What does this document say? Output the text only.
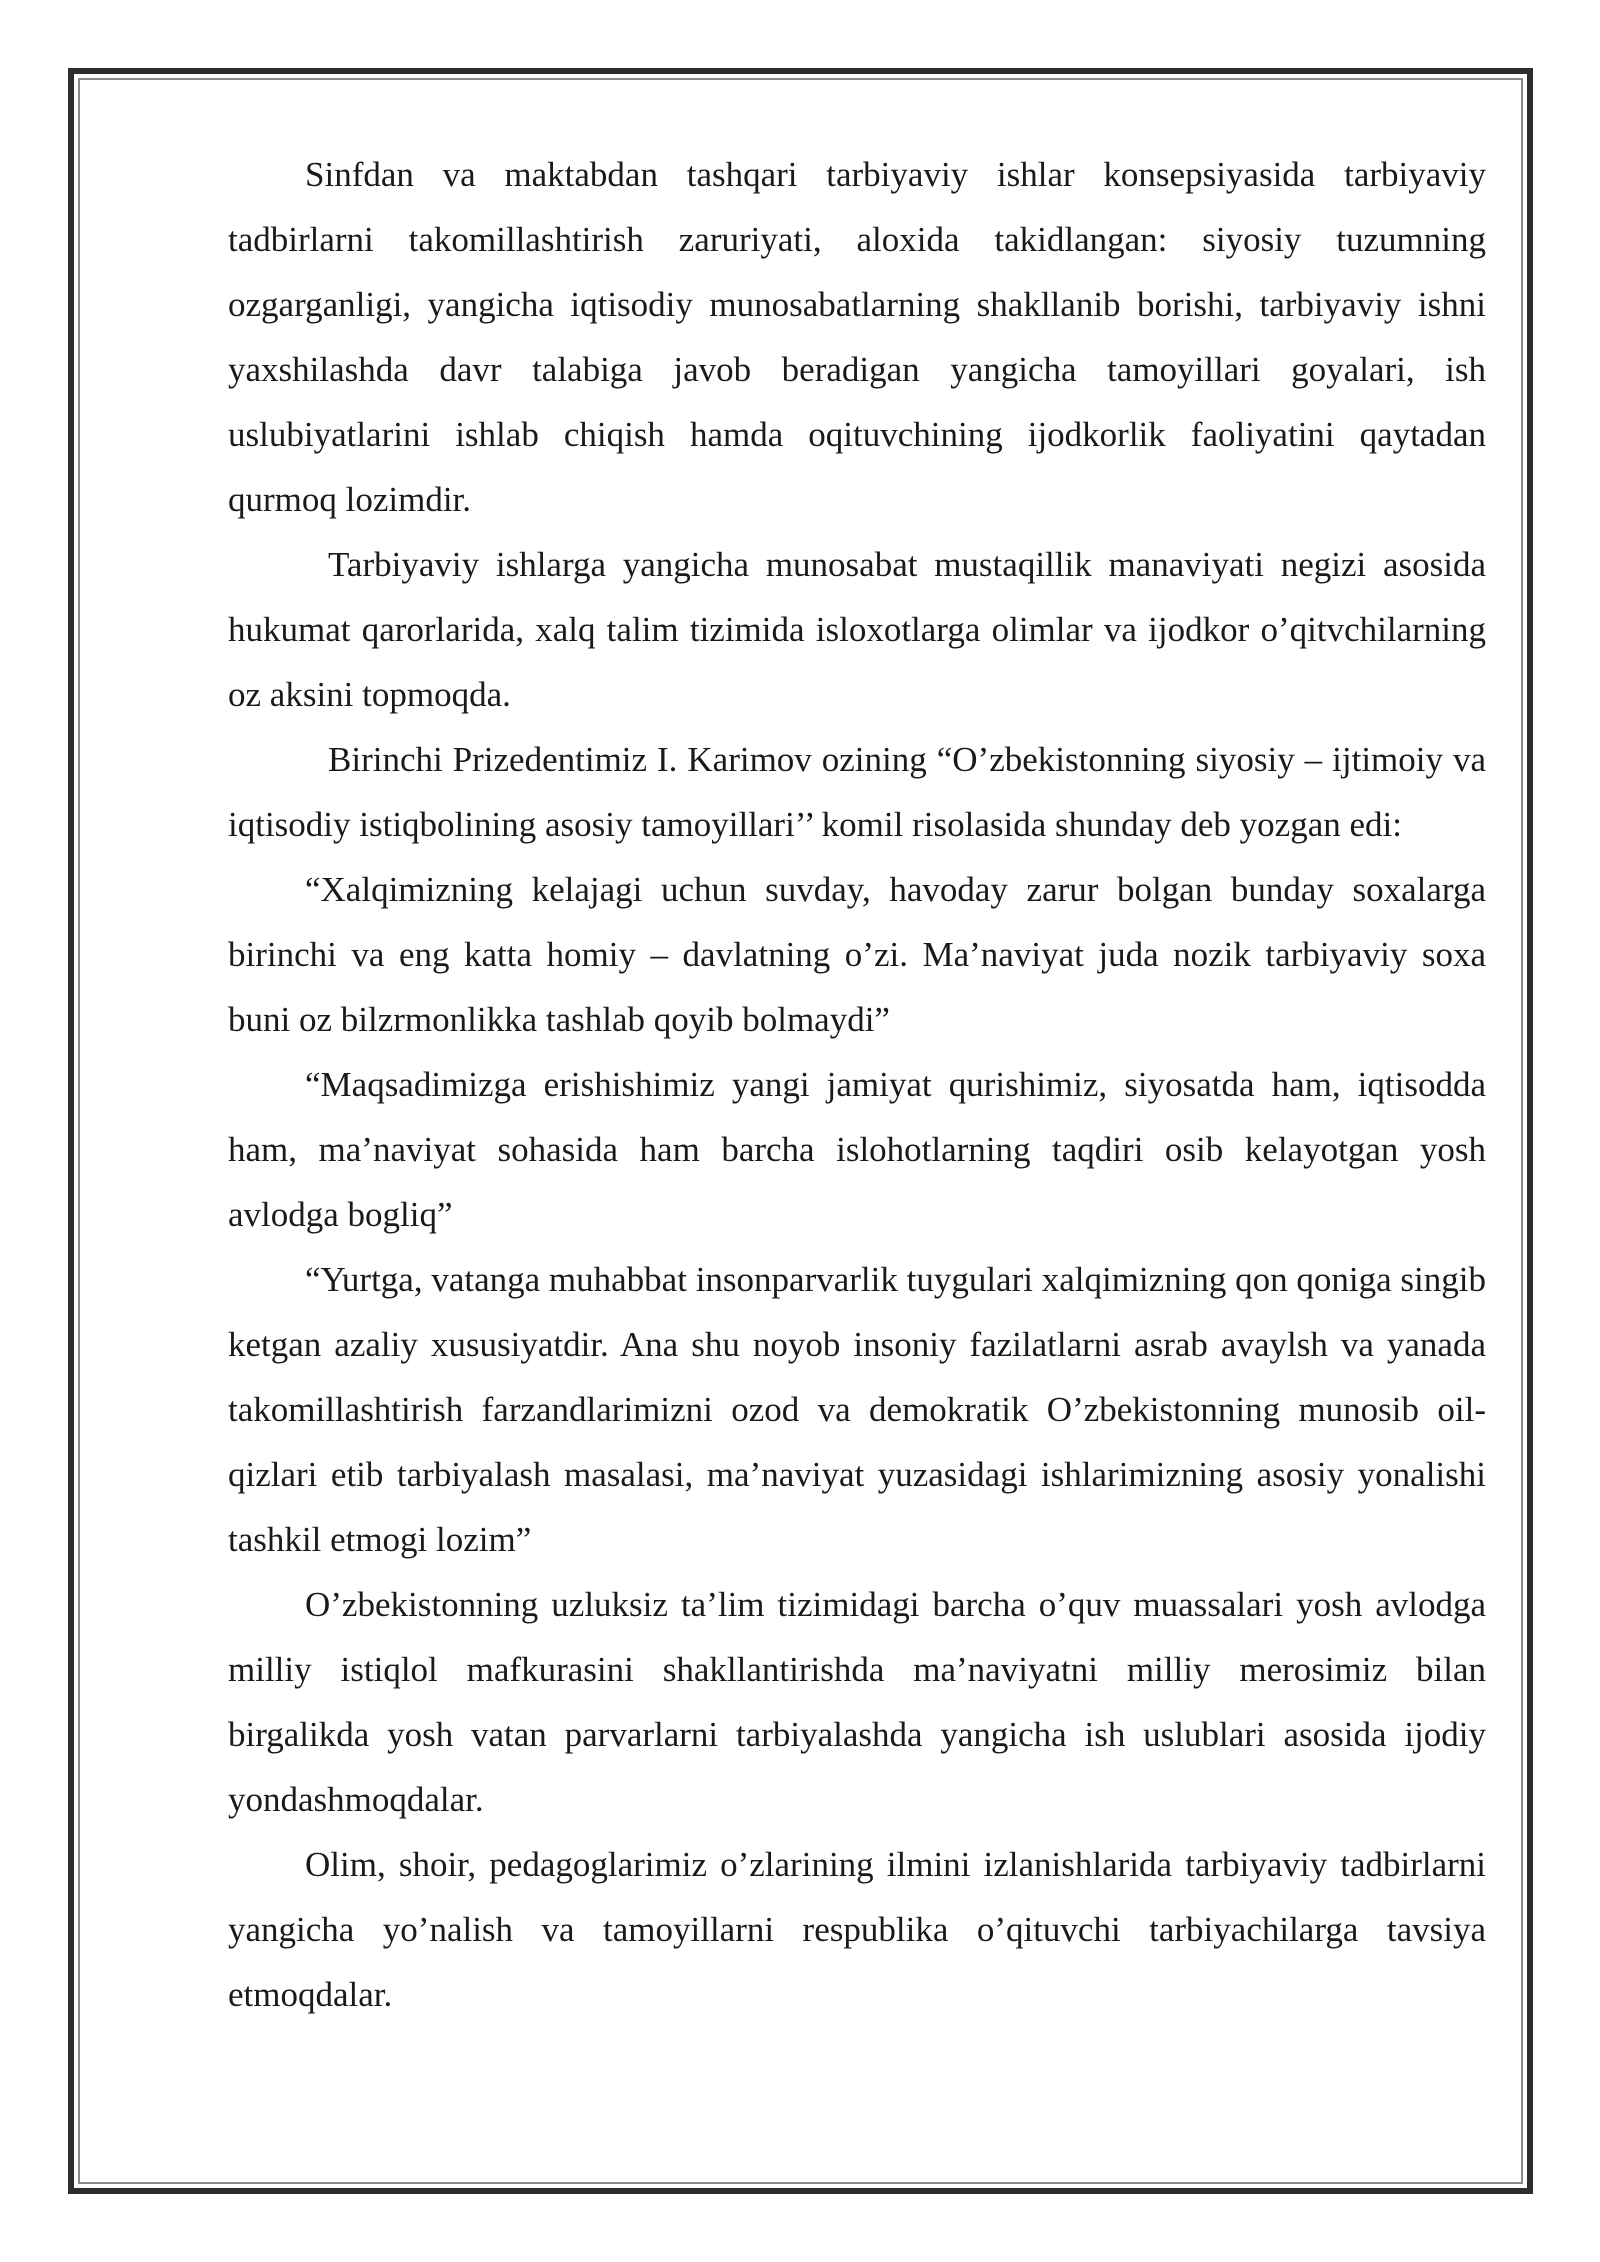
Sinfdan va maktabdan tashqari tarbiyaviy ishlar konsepsiyasida tarbiyaviy tadbirlarni takomillashtirish zaruriyati, aloxida takidlangan: siyosiy tuzumning ozgarganligi, yangicha iqtisodiy munosabatlarning shakllanib borishi, tarbiyaviy ishni yaxshilashda davr talabiga javob beradigan yangicha tamoyillari goyalari, ish uslubiyatlarini ishlab chiqish hamda oqituvchining ijodkorlik faoliyatini qaytadan qurmoq lozimdir.

Tarbiyaviy ishlarga yangicha munosabat mustaqillik manaviyati negizi asosida hukumat qarorlarida, xalq talim tizimida isloxotlarga olimlar va ijodkor o’qitvchilarning oz aksini topmoqda.

Birinchi Prizedentimiz I. Karimov ozining “O’zbekistonning siyosiy – ijtimoiy va iqtisodiy istiqbolining asosiy tamoyillari’’ komil risolasida shunday deb yozgan edi:

“Xalqimizning kelajagi uchun suvday, havoday zarur bolgan bunday soxalarga birinchi va eng katta homiy – davlatning o’zi. Ma’naviyat juda nozik tarbiyaviy soxa buni oz bilzrmonlikka tashlab qoyib bolmaydi”

“Maqsadimizga erishishimiz yangi jamiyat qurishimiz, siyosatda ham, iqtisodda ham, ma’naviyat sohasida ham barcha islohotlarning taqdiri osib kelayotgan yosh avlodga bogliq”

“Yurtga, vatanga muhabbat insonparvarlik tuygulari xalqimizning qon qoniga singib ketgan azaliy xususiyatdir. Ana shu noyob insoniy fazilatlarni asrab avaylsh va yanada takomillashtirish farzandlarimizni ozod va demokratik O’zbekistonning munosib oil-qizlari etib tarbiyalash masalasi, ma’naviyat yuzasidagi ishlarimizning asosiy yonalishi tashkil etmogi lozim”

O’zbekistonning uzluksiz ta’lim tizimidagi barcha o’quv muassalari yosh avlodga milliy istiqlol mafkurasini shakllantirishda ma’naviyatni milliy merosimiz bilan birgalikda yosh vatan parvarlarni tarbiyalashda yangicha ish uslublari asosida ijodiy yondashmoqdalar.

Olim, shoir, pedagoglarimiz o’zlarining ilmini izlanishlarida tarbiyaviy tadbirlarni yangicha yo’nalish va tamoyillarni respublika o’qituvchi tarbiyachilarga tavsiya etmoqdalar.
